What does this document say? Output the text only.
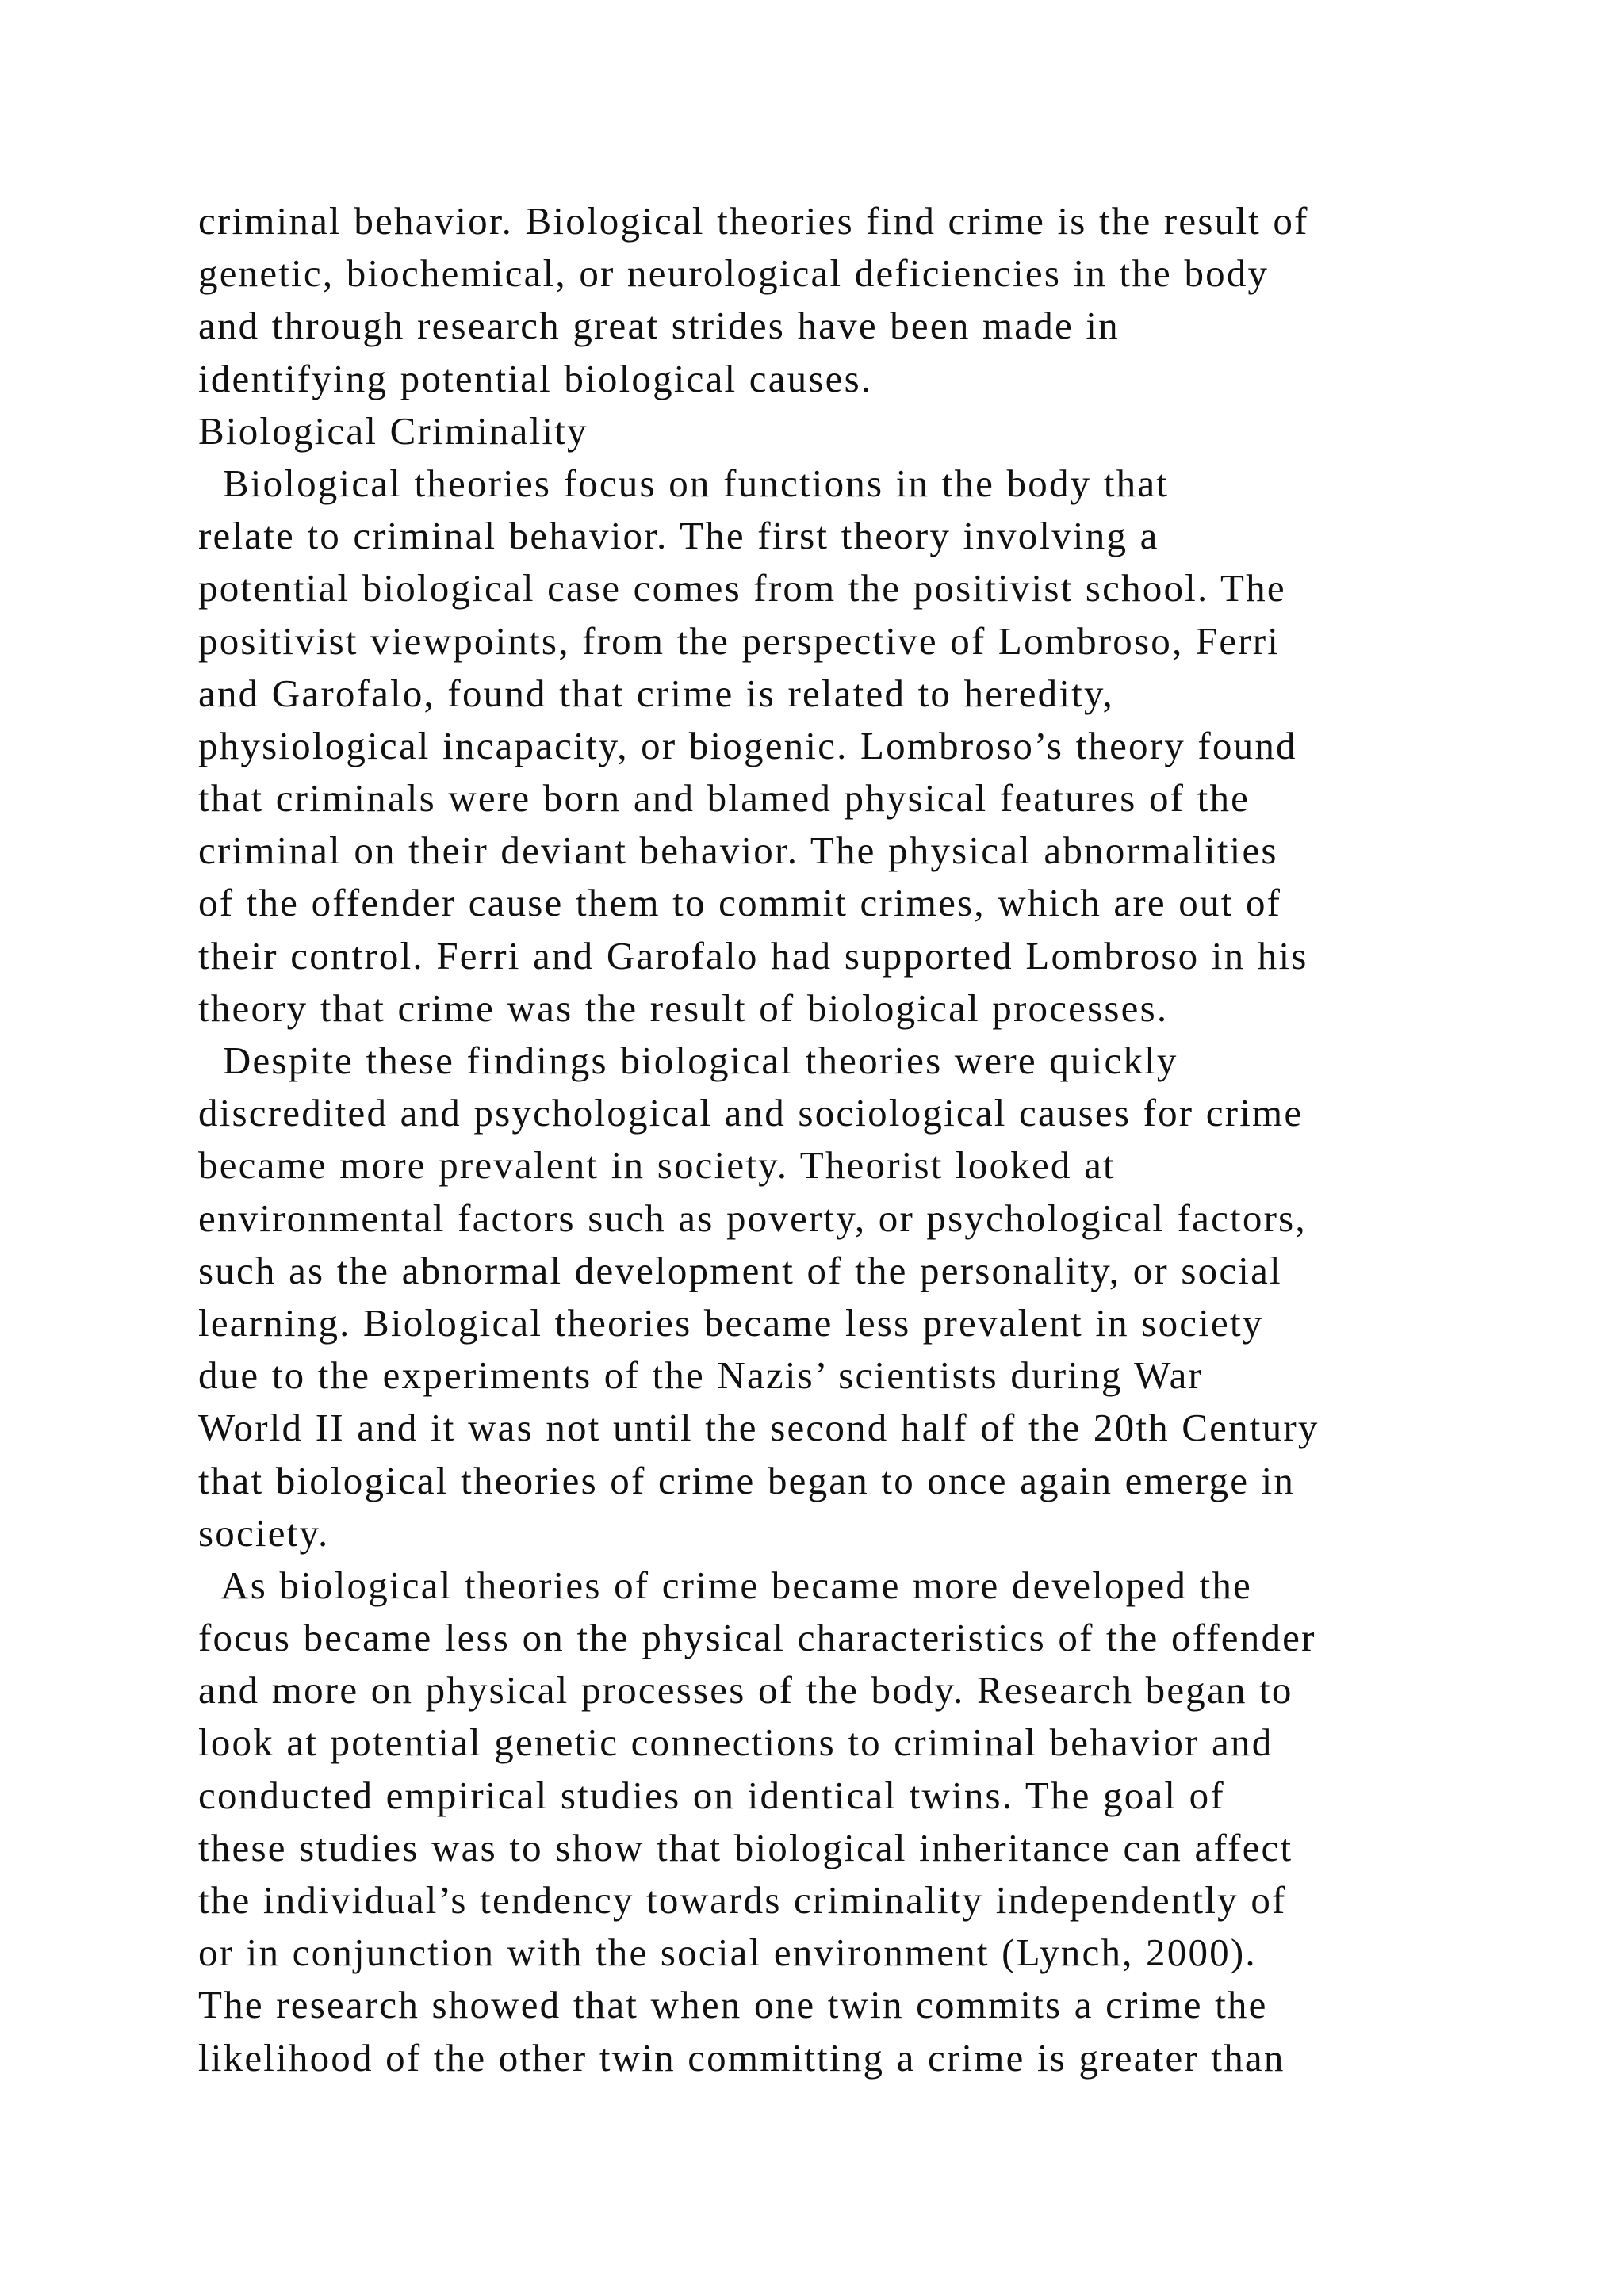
criminal behavior. Biological theories find crime is the result of
genetic, biochemical, or neurological deficiencies in the body
and through research great strides have been made in
identifying potential biological causes.
Biological Criminality
Biological theories focus on functions in the body that
relate to criminal behavior. The first theory involving a
potential biological case comes from the positivist school. The
positivist viewpoints, from the perspective of Lombroso, Ferri
and Garofalo, found that crime is related to heredity,
physiological incapacity, or biogenic. Lombroso’s theory found
that criminals were born and blamed physical features of the
criminal on their deviant behavior. The physical abnormalities
of the offender cause them to commit crimes, which are out of
their control. Ferri and Garofalo had supported Lombroso in his
theory that crime was the result of biological processes.
Despite these findings biological theories were quickly
discredited and psychological and sociological causes for crime
became more prevalent in society. Theorist looked at
environmental factors such as poverty, or psychological factors,
such as the abnormal development of the personality, or social
learning. Biological theories became less prevalent in society
due to the experiments of the Nazis’ scientists during War
World II and it was not until the second half of the 20th Century
that biological theories of crime began to once again emerge in
society.
As biological theories of crime became more developed the
focus became less on the physical characteristics of the offender
and more on physical processes of the body. Research began to
look at potential genetic connections to criminal behavior and
conducted empirical studies on identical twins. The goal of
these studies was to show that biological inheritance can affect
the individual’s tendency towards criminality independently of
or in conjunction with the social environment (Lynch, 2000).
The research showed that when one twin commits a crime the
likelihood of the other twin committing a crime is greater than
